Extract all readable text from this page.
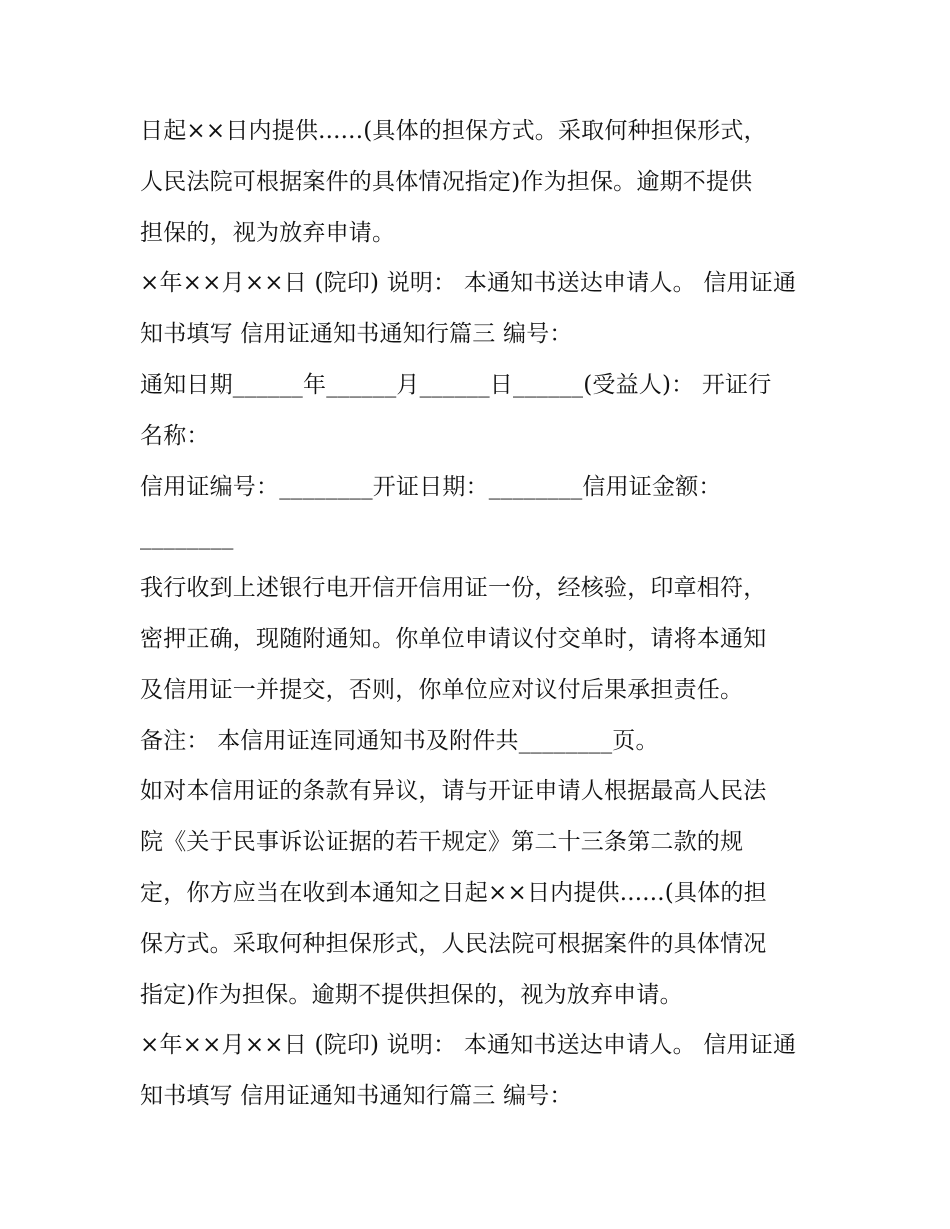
日起××日内提供......(具体的担保方式。采取何种担保形式，
人民法院可根据案件的具体情况指定)作为担保。逾期不提供
担保的，视为放弃申请。
×年××月××日 (院印) 说明： 本通知书送达申请人。 信用证通
知书填写 信用证通知书通知行篇三 编号：
通知日期______年______月______日______(受益人)： 开证行
名称：
信用证编号：________开证日期：________信用证金额：
________
我行收到上述银行电开信开信用证一份，经核验，印章相符，
密押正确，现随附通知。你单位申请议付交单时，请将本通知
及信用证一并提交，否则，你单位应对议付后果承担责任。
备注： 本信用证连同通知书及附件共________页。
如对本信用证的条款有异议，请与开证申请人根据最高人民法
院《关于民事诉讼证据的若干规定》第二十三条第二款的规
定，你方应当在收到本通知之日起××日内提供......(具体的担
保方式。采取何种担保形式，人民法院可根据案件的具体情况
指定)作为担保。逾期不提供担保的，视为放弃申请。
×年××月××日 (院印) 说明： 本通知书送达申请人。 信用证通
知书填写 信用证通知书通知行篇三 编号：
